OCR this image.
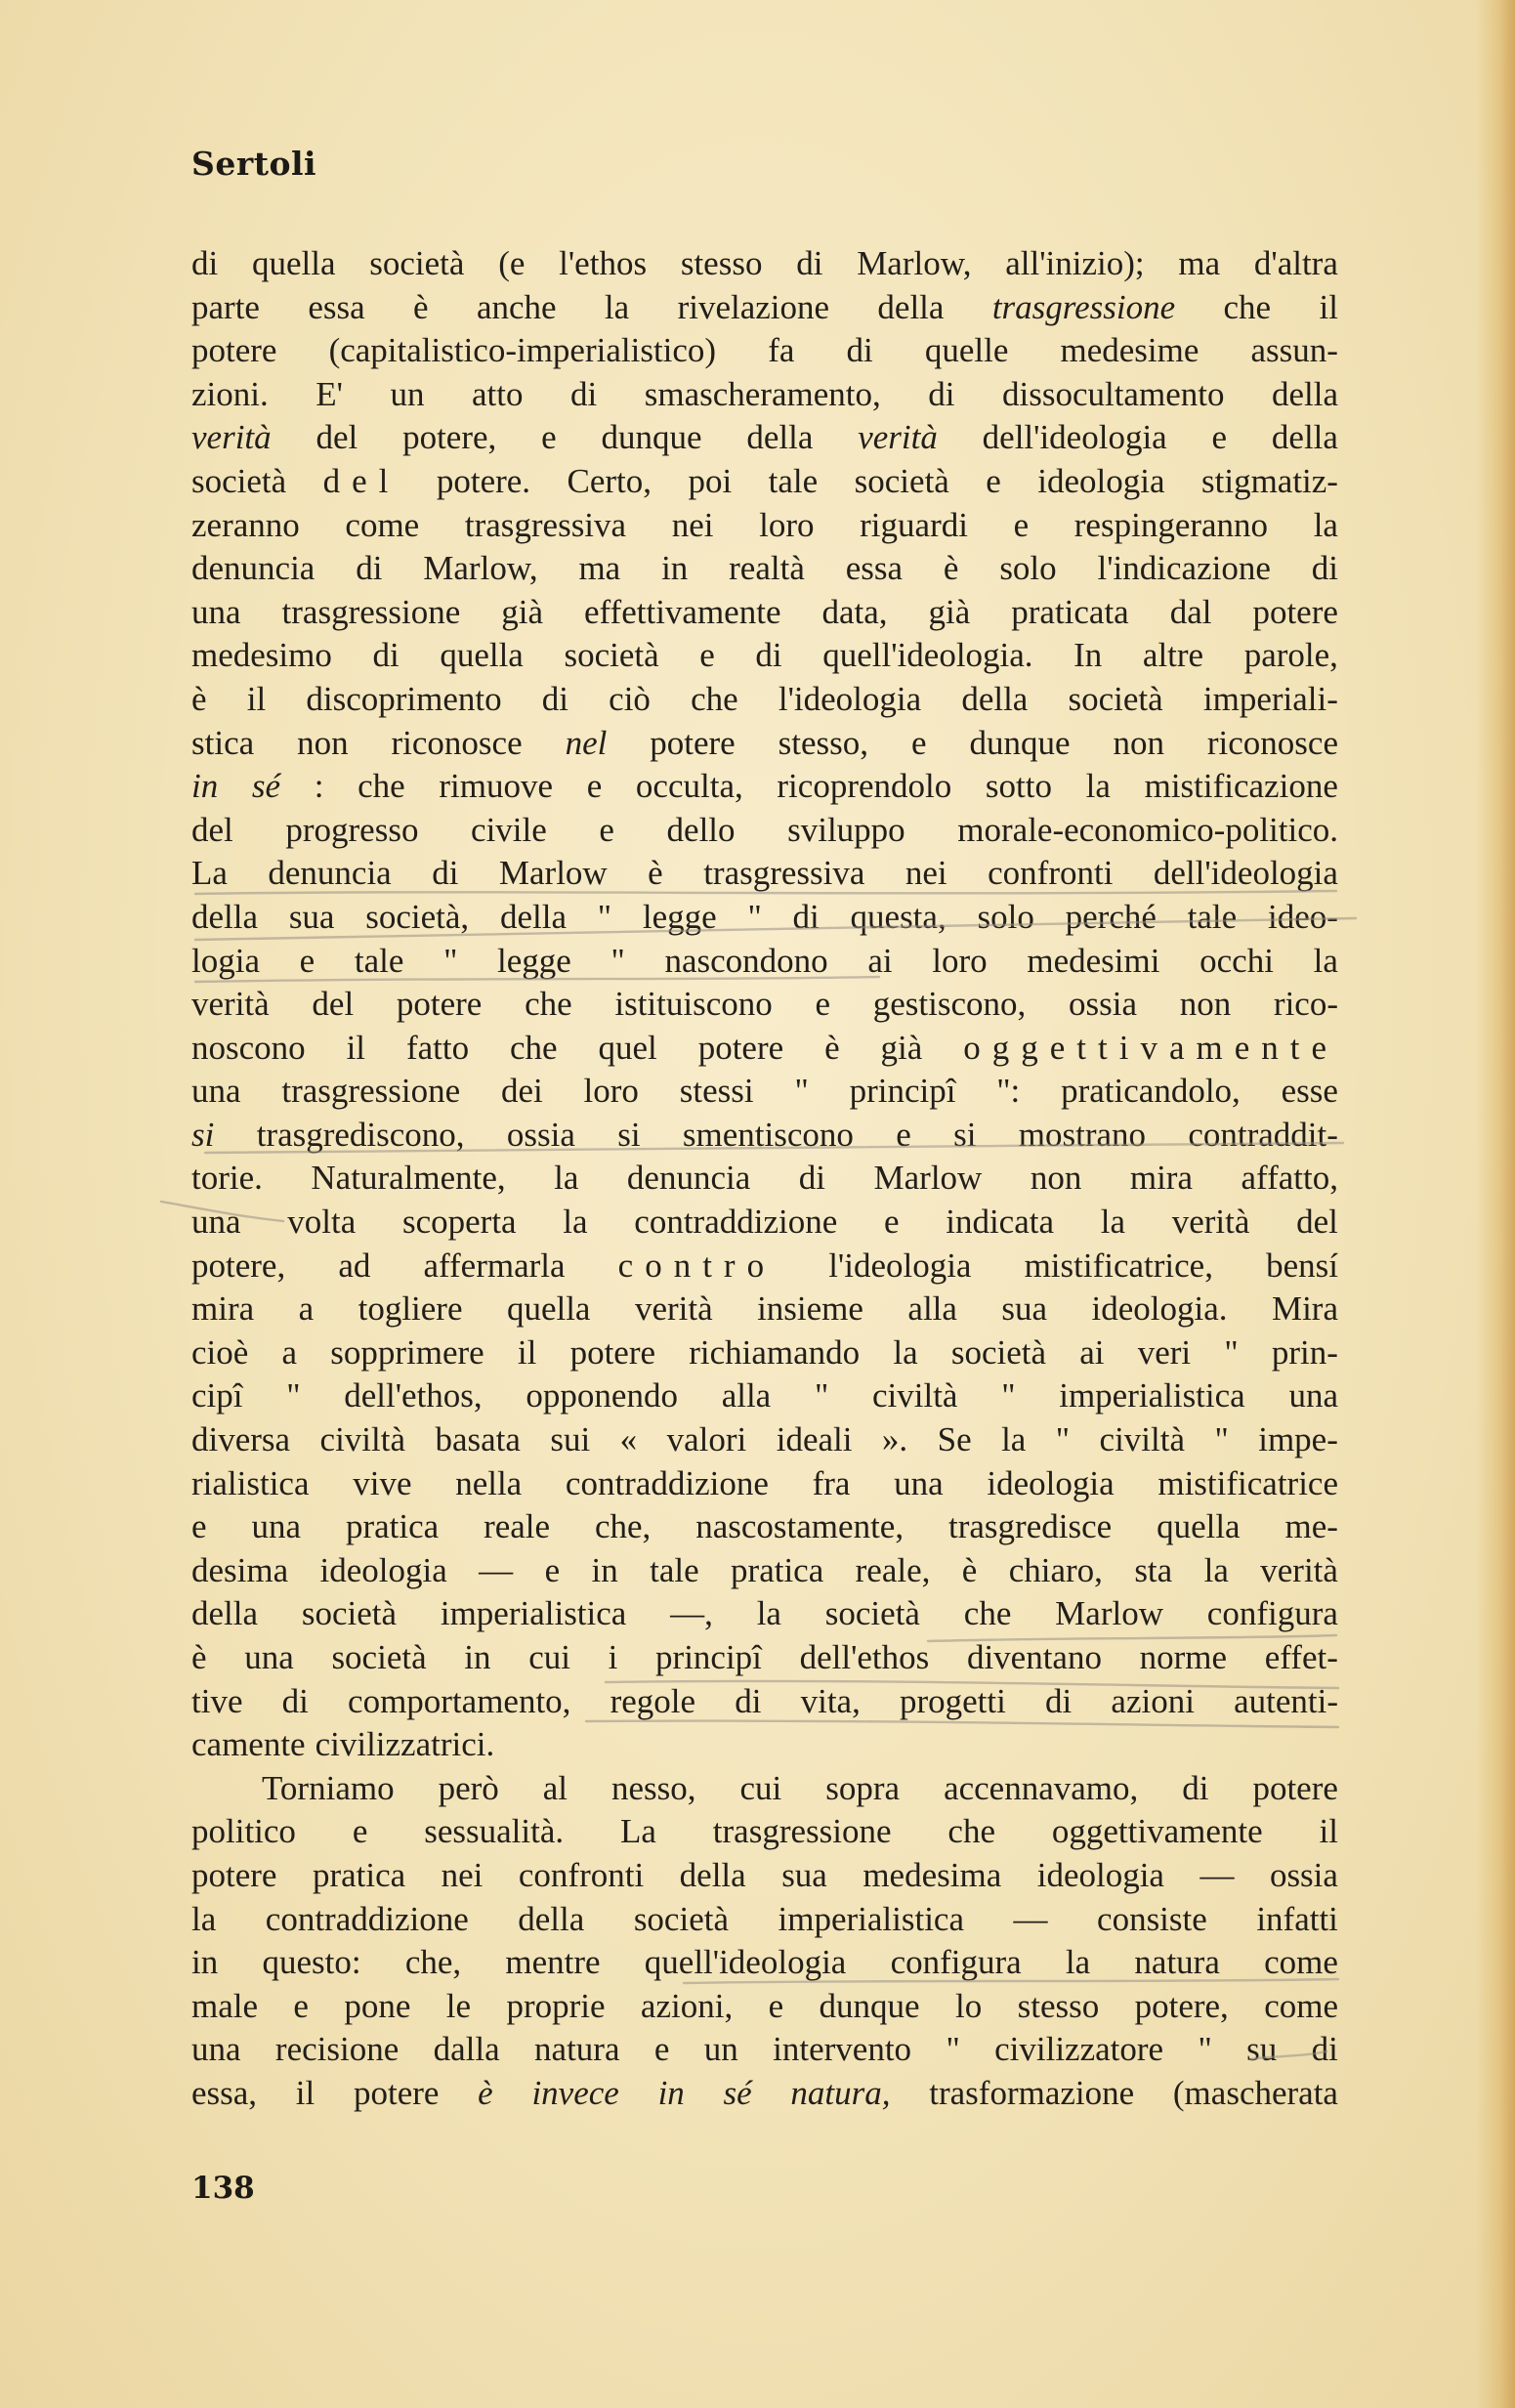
Sertoli
di quella società (e l'ethos stesso di Marlow, all'inizio); ma d'altra
parte essa è anche la rivelazione della trasgressione che il
potere (capitalistico-imperialistico) fa di quelle medesime assun-
zioni. E' un atto di smascheramento, di dissocultamento della
verità del potere, e dunque della verità dell'ideologia e della
società del potere. Certo, poi tale società e ideologia stigmatiz-
zeranno come trasgressiva nei loro riguardi e respingeranno la
denuncia di Marlow, ma in realtà essa è solo l'indicazione di
una trasgressione già effettivamente data, già praticata dal potere
medesimo di quella società e di quell'ideologia. In altre parole,
è il discoprimento di ciò che l'ideologia della società imperiali-
stica non riconosce nel potere stesso, e dunque non riconosce
in sé : che rimuove e occulta, ricoprendolo sotto la mistificazione
del progresso civile e dello sviluppo morale-economico-politico.
La denuncia di Marlow è trasgressiva nei confronti dell'ideologia
della sua società, della " legge " di questa, solo perché tale ideo-
logia e tale " legge " nascondono ai loro medesimi occhi la
verità del potere che istituiscono e gestiscono, ossia non rico-
noscono il fatto che quel potere è già oggettivamente
una trasgressione dei loro stessi " principî ": praticandolo, esse
si trasgrediscono, ossia si smentiscono e si mostrano contraddit-
torie. Naturalmente, la denuncia di Marlow non mira affatto,
una volta scoperta la contraddizione e indicata la verità del
potere, ad affermarla contro l'ideologia mistificatrice, bensí
mira a togliere quella verità insieme alla sua ideologia. Mira
cioè a sopprimere il potere richiamando la società ai veri " prin-
cipî " dell'ethos, opponendo alla " civiltà " imperialistica una
diversa civiltà basata sui « valori ideali ». Se la " civiltà " impe-
rialistica vive nella contraddizione fra una ideologia mistificatrice
e una pratica reale che, nascostamente, trasgredisce quella me-
desima ideologia — e in tale pratica reale, è chiaro, sta la verità
della società imperialistica —, la società che Marlow configura
è una società in cui i principî dell'ethos diventano norme effet-
tive di comportamento, regole di vita, progetti di azioni autenti-
camente civilizzatrici.
Torniamo però al nesso, cui sopra accennavamo, di potere
politico e sessualità. La trasgressione che oggettivamente il
potere pratica nei confronti della sua medesima ideologia — ossia
la contraddizione della società imperialistica — consiste infatti
in questo: che, mentre quell'ideologia configura la natura come
male e pone le proprie azioni, e dunque lo stesso potere, come
una recisione dalla natura e un intervento " civilizzatore " su di
essa, il potere è invece in sé natura, trasformazione (mascherata
138
